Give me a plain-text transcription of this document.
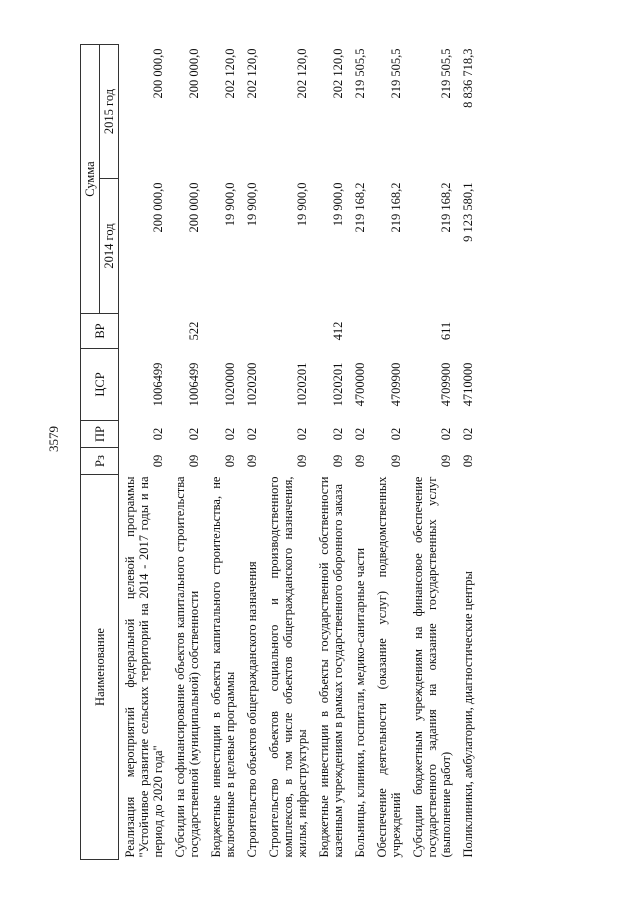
3579
Наименование	Рз	ПР	ЦСР	ВР	Сумма	
					2014 год	2015 год
Реализация мероприятий федеральной целевой программы "Устойчивое развитие сельских территорий на 2014 - 2017 годы и на период до 2020 года"	09	02	1006499		200 000,0	200 000,0
Субсидии на софинансирование объектов капитального строительства государственной (муниципальной) собственности	09	02	1006499	522	200 000,0	200 000,0
Бюджетные инвестиции в объекты капитального строительства, не включенные в целевые программы	09	02	1020000		19 900,0	202 120,0
Строительство объектов общегражданского назначения	09	02	1020200		19 900,0	202 120,0
Строительство объектов социального и производственного комплексов, в том числе объектов общегражданского назначения, жилья, инфраструктуры	09	02	1020201		19 900,0	202 120,0
Бюджетные инвестиции в объекты государственной собственности казенным учреждениям в рамках государственного оборонного заказа	09	02	1020201	412	19 900,0	202 120,0
Больницы, клиники, госпитали, медико-санитарные части	09	02	4700000		219 168,2	219 505,5
Обеспечение деятельности (оказание услуг) подведомственных учреждений	09	02	4709900		219 168,2	219 505,5
Субсидии бюджетным учреждениям на финансовое обеспечение государственного задания на оказание государственных услуг (выполнение работ)	09	02	4709900	611	219 168,2	219 505,5
Поликлиники, амбулатории, диагностические центры	09	02	4710000		9 123 580,1	8 836 718,3
